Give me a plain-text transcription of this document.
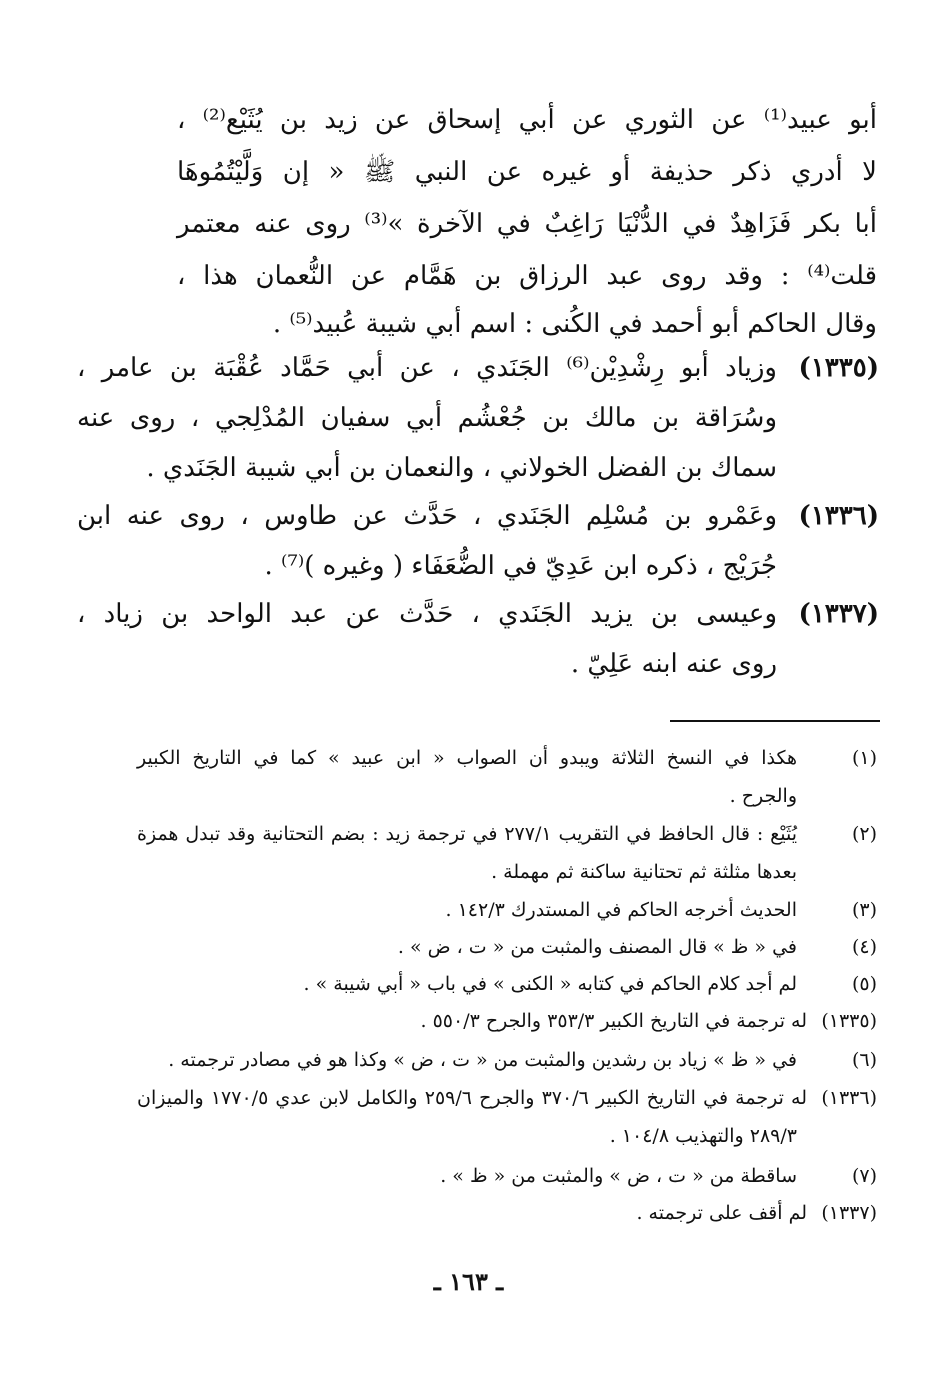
أبو عبيد⁽¹⁾ عن الثوري عن أبي إسحاق عن زيد بن يُثَيْع⁽²⁾ ،
لا أدري ذكر حذيفة أو غيره عن النبي ﷺ « إن وَلَّيْتُمُوهَا
أبا بكر فَزَاهِدٌ في الدُّنْيَا رَاغِبٌ في الآخرة »⁽³⁾ روى عنه معتمر
قلت⁽⁴⁾ : وقد روى عبد الرزاق بن هَمَّام عن النُّعمان هذا ،
وقال الحاكم أبو أحمد في الكُنى : اسم أبي شيبة عُبيد⁽⁵⁾ .
(١٣٣٥)
وزياد أبو رِشْدِيْن⁽⁶⁾ الجَنَدي ، عن أبي حَمَّاد عُقْبَة بن عامر ،
وسُرَاقة بن مالك بن جُعْشُم أبي سفيان المُدْلِجي ، روى عنه
سماك بن الفضل الخولاني ، والنعمان بن أبي شيبة الجَنَدي .
(١٣٣٦)
وعَمْرو بن مُسْلِم الجَنَدي ، حَدَّث عن طاوس ، روى عنه ابن
جُرَيْج ، ذكره ابن عَدِيّ في الضُّعَفَاء ( وغيره )⁽⁷⁾ .
(١٣٣٧)
وعيسى بن يزيد الجَنَدي ، حَدَّث عن عبد الواحد بن زياد ،
روى عنه ابنه عَلِيّ .
(١)
هكذا في النسخ الثلاثة ويبدو أن الصواب « ابن عبيد » كما في التاريخ الكبير
والجرح .
(٢)
يُثَيْع : قال الحافظ في التقريب ٢٧٧/١ في ترجمة زيد : بضم التحتانية وقد تبدل همزة
بعدها مثلثة ثم تحتانية ساكنة ثم مهملة .
(٣)
الحديث أخرجه الحاكم في المستدرك ١٤٢/٣ .
(٤)
في « ظ » قال المصنف والمثبت من « ت ، ض » .
(٥)
لم أجد كلام الحاكم في كتابه « الكنى » في باب « أبي شيبة » .
(١٣٣٥)
له ترجمة في التاريخ الكبير ٣٥٣/٣ والجرح ٥٥٠/٣ .
(٦)
في « ظ » زياد بن رشدين والمثبت من « ت ، ض » وكذا هو في مصادر ترجمته .
(١٣٣٦)
له ترجمة في التاريخ الكبير ٣٧٠/٦ والجرح ٢٥٩/٦ والكامل لابن عدي ١٧٧٠/٥ والميزان
٢٨٩/٣ والتهذيب ١٠٤/٨ .
(٧)
ساقطة من « ت ، ض » والمثبت من « ظ » .
(١٣٣٧)
لم أقف على ترجمته .
ـ ١٦٣ ـ
